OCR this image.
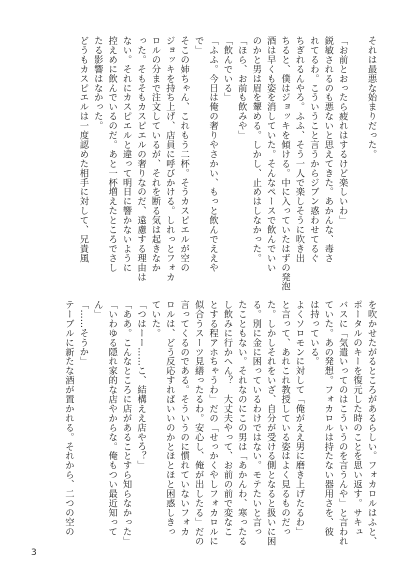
それは最悪な始まりだった。

「お前とおったら疲れはするけど楽しいわ」
鋭敏されるのも悪ないと思えてきた。あかんな、毒さ
れてるわ。こういうこと言うからジブン惑わせてるぐ
ちぎれるんやろ。ふふ、そう一人で楽しそうに吹き出
ちると、僕はジョッキを傾ける。中に入っていたはずの発泡
酒は早くも姿を消していた。そんなペースで飲んでいい
のかと男は眉を顰める。しかし、止めはしなかった。
「ほら、お前も飲みや」
「飲んでいる」
「ふふ。今日は俺の奢りやさかい、もっと飲んでええや
で」
そこの姉ちゃん、これもう二杯。そうカスピエルが空の
ジョッキを持ち上げ、店員に呼びかける。しれっとフォカ
ロルの分まで注文しているが、それを断る気は起きなか
った。そもそもカスピエルの奢りなのだ、遠慮する理由は
ない。それにカスピエルと違って明日に響かないように
控えめに飲んでいるのだ。あと一杯増えたところでさし
たる影響はなかった。
どうもカスピエルは一度認めた相手に対して、兄貴風
を吹かせたがるところがあるらしい。フォカロルはふと、
ポータルのキーを復元した時のことを思い返す。サキュ
バスに「気遣いってのはこういうのを言うんや」と言われ
ていた。あの発想。フォカロルは持たない器用さを、彼
は持っている。
よくソロモンに対して「俺がええ男に磨き上げたるわ」
と言って、あれこれ教授している姿はよく見るものだっ
た。しかしそれをいざ、自分が受ける側となると扱いに困
る。別に金に困っているわけではない。モテたいと言っ
たこともない。それなのにこの男は「あかんわ、寒ったる
し飲みに行かへん？　大丈夫やって、お前の前で変なこ
とする程アホちゃうわ」だの「せっかくやしフォカロルに
似合うスーツ見繕ったるわ。安心し、俺が出したる」だの
言ってくるのである。そういうのに慣れていないフォカ
ロルは、どう反応すればいいのかとほとほと困惑しきっ
ていた。
「つはーー……こ、結構ええ店やろ？」
「ああ。こんなところに店があることすら知らなかった」
「いわゆる隠れ家的な店やからな。俺もつい最近知って
ん」
「……そうか」
テーブルに新たな酒が置かれる。それから、二つの空の
3
